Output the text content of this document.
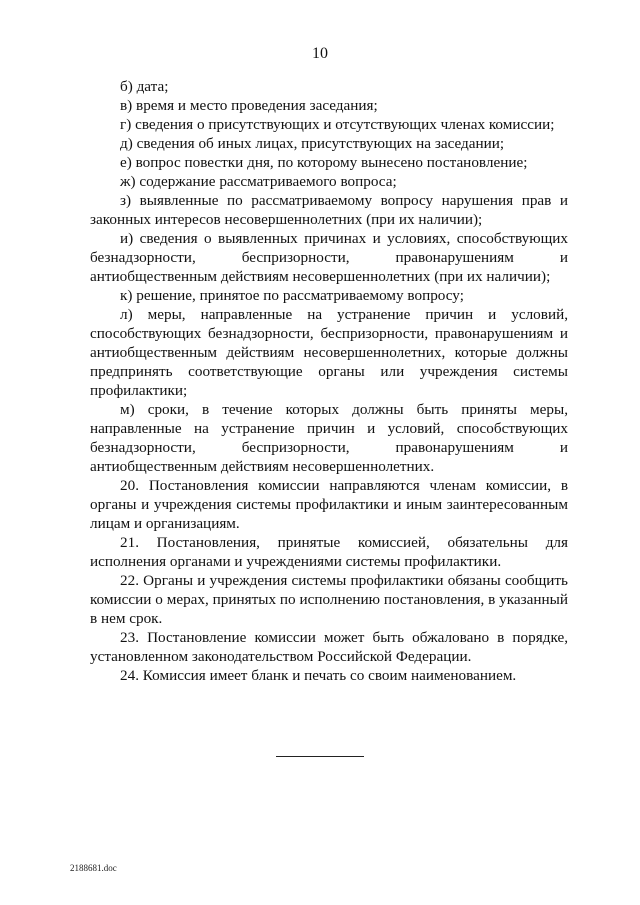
10

б) дата;

в) время и место проведения заседания;

г) сведения о присутствующих и отсутствующих членах комиссии;

д) сведения об иных лицах, присутствующих на заседании;

е) вопрос повестки дня, по которому вынесено постановление;

ж) содержание рассматриваемого вопроса;

з) выявленные по рассматриваемому вопросу нарушения прав и законных интересов несовершеннолетних (при их наличии);

и) сведения о выявленных причинах и условиях, способствующих безнадзорности, беспризорности, правонарушениям и антиобщественным действиям несовершеннолетних (при их наличии);

к) решение, принятое по рассматриваемому вопросу;

л) меры, направленные на устранение причин и условий, способствующих безнадзорности, беспризорности, правонарушениям и антиобщественным действиям несовершеннолетних, которые должны предпринять соответствующие органы или учреждения системы профилактики;

м) сроки, в течение которых должны быть приняты меры, направленные на устранение причин и условий, способствующих безнадзорности, беспризорности, правонарушениям и антиобщественным действиям несовершеннолетних.

20. Постановления комиссии направляются членам комиссии, в органы и учреждения системы профилактики и иным заинтересованным лицам и организациям.

21. Постановления, принятые комиссией, обязательны для исполнения органами и учреждениями системы профилактики.

22. Органы и учреждения системы профилактики обязаны сообщить комиссии о мерах, принятых по исполнению постановления, в указанный в нем срок.

23. Постановление комиссии может быть обжаловано в порядке, установленном законодательством Российской Федерации.

24. Комиссия имеет бланк и печать со своим наименованием.

2188681.doc
